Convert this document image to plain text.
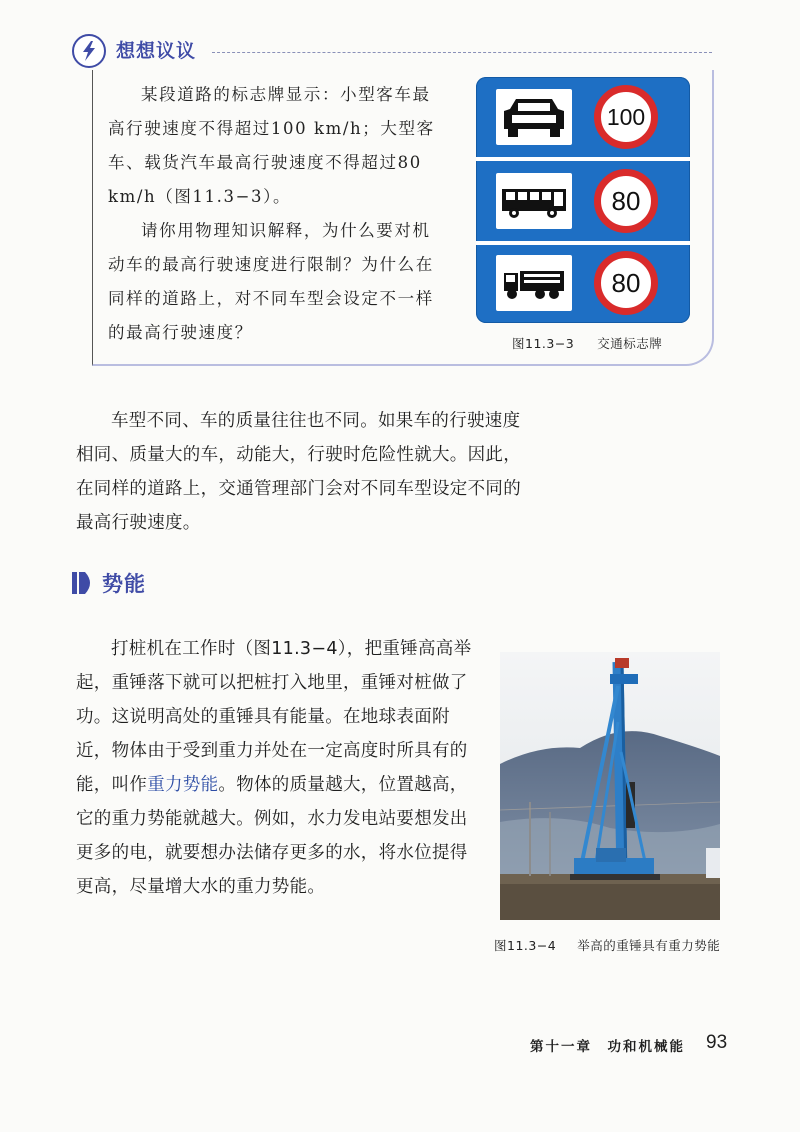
想想议议

某段道路的标志牌显示：小型客车最高行驶速度不得超过100 km/h；大型客车、载货汽车最高行驶速度不得超过80 km/h（图11.3−3）。

请你用物理知识解释，为什么要对机动车的最高行驶速度进行限制？为什么在同样的道路上，对不同车型会设定不一样的最高行驶速度？

100
80
80
图11.3−3 交通标志牌

车型不同、车的质量往往也不同。如果车的行驶速度相同、质量大的车，动能大，行驶时危险性就大。因此，在同样的道路上，交通管理部门会对不同车型设定不同的最高行驶速度。

势能

打桩机在工作时（图11.3−4），把重锤高高举起，重锤落下就可以把桩打入地里，重锤对桩做了功。这说明高处的重锤具有能量。在地球表面附近，物体由于受到重力并处在一定高度时所具有的能，叫作重力势能。物体的质量越大，位置越高，它的重力势能就越大。例如，水力发电站要想发出更多的电，就要想办法储存更多的水，将水位提得更高，尽量增大水的重力势能。

图11.3−4 举高的重锤具有重力势能
第十一章　功和机械能 93
